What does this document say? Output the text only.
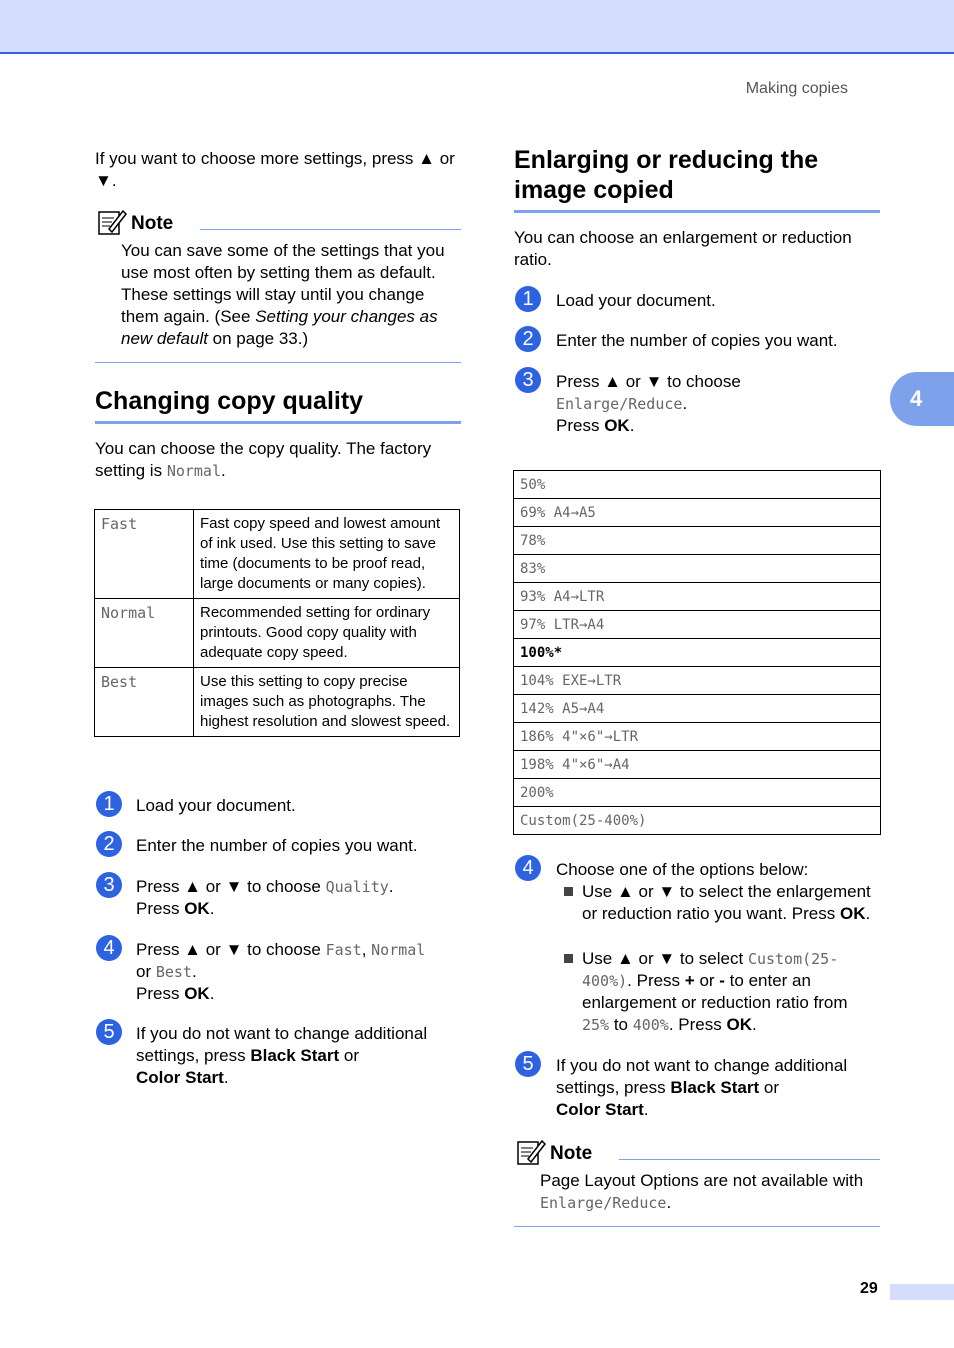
Making copies
If you want to choose more settings, press ▲ or ▼.
Note
You can save some of the settings that you use most often by setting them as default. These settings will stay until you change them again. (See Setting your changes as new default on page 33.)
Changing copy quality
You can choose the copy quality. The factory setting is Normal.
Fast	Fast copy speed and lowest amount of ink used. Use this setting to save time (documents to be proof read, large documents or many copies).
Normal	Recommended setting for ordinary printouts. Good copy quality with adequate copy speed.
Best	Use this setting to copy precise images such as photographs. The highest resolution and slowest speed.
1	Load your document.
2	Enter the number of copies you want.
3	Press ▲ or ▼ to choose Quality.
Press OK.
4	Press ▲ or ▼ to choose Fast, Normal
or Best.
Press OK.
5	If you do not want to change additional settings, press Black Start or
Color Start.
Enlarging or reducing the
image copied
You can choose an enlargement or reduction ratio.
1	Load your document.
2	Enter the number of copies you want.
3	Press ▲ or ▼ to choose
Enlarge/Reduce.
Press OK.
4
50%
69% A4→A5
78%
83%
93% A4→LTR
97% LTR→A4
100%*
104% EXE→LTR
142% A5→A4
186% 4"×6"→LTR
198% 4"×6"→A4
200%
Custom(25-400%)
4	Choose one of the options below:
Use ▲ or ▼ to select the enlargement or reduction ratio you want. Press OK.
Use ▲ or ▼ to select Custom(25-400%). Press + or - to enter an enlargement or reduction ratio from 25% to 400%. Press OK.
5	If you do not want to change additional settings, press Black Start or
Color Start.
Note
Page Layout Options are not available with Enlarge/Reduce.
29
